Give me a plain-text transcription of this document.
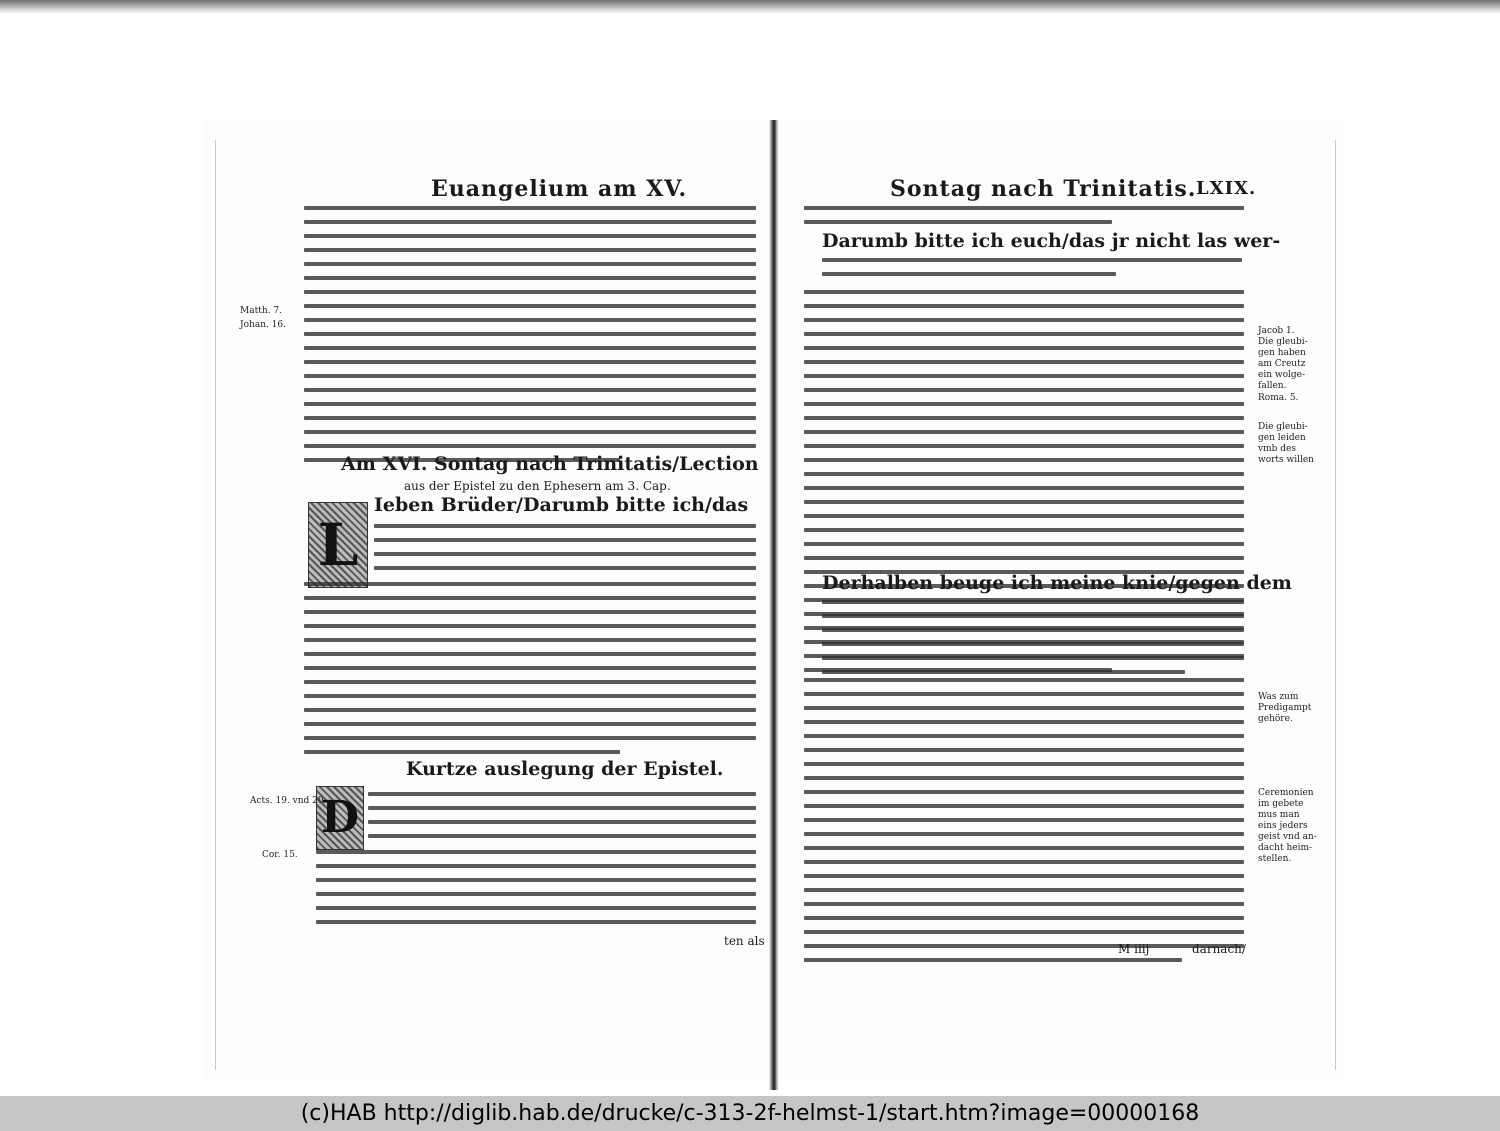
Euangelium am XV.
Matth. 7.
Johan. 16.
Am XVI. Sontag nach Trinitatis/Lection
aus der Epistel zu den Ephesern am 3. Cap.
L
Ieben Brüder/Darumb bitte ich/das
Kurtze auslegung der Epistel.
D
Acts. 19. vnd 20.
Cor. 15.
ten als
Sontag nach Trinitatis. LXIX.
Darumb bitte ich euch/das jr nicht las wer-
Derhalben beuge ich meine knie/gegen dem
M iiij	darnach/
Jacob 1.
Die gleubi-
gen haben
am Creutz
ein wolge-
fallen.
Roma. 5.
Die gleubi-
gen leiden
vmb des
worts willen
Was zum
Predigampt
gehöre.
Ceremonien
im gebete
mus man
eins jeders
geist vnd an-
dacht heim-
stellen.
(c)HAB http://diglib.hab.de/drucke/c-313-2f-helmst-1/start.htm?image=00000168
